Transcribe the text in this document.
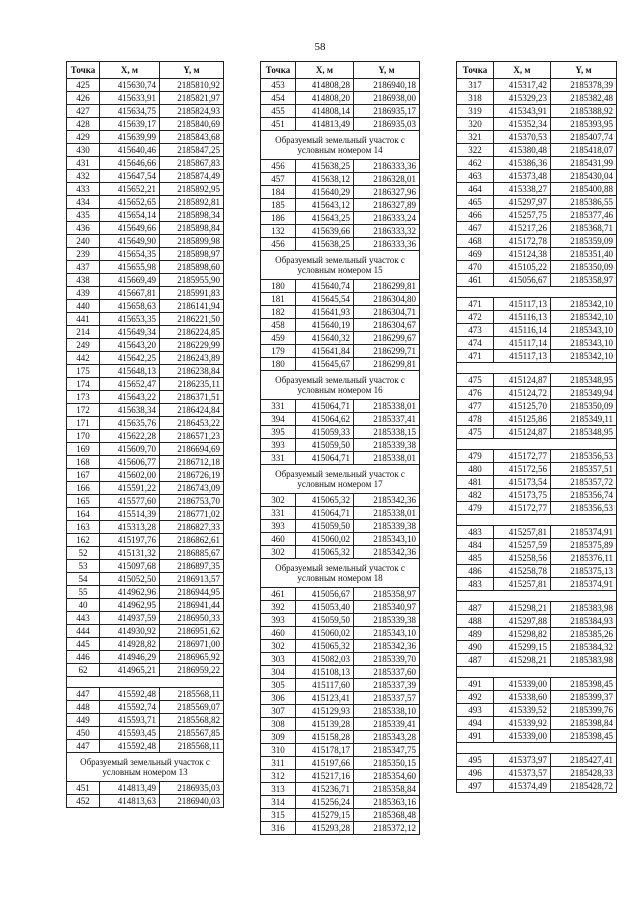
58
Точка	X, м	Y, м
425	415630,74	2185810,92
426	415633,91	2185821,97
427	415634,75	2185824,93
428	415639,17	2185840,69
429	415639,99	2185843,68
430	415640,46	2185847,25
431	415646,66	2185867,83
432	415647,54	2185874,49
433	415652,21	2185892,95
434	415652,65	2185892,81
435	415654,14	2185898,34
436	415649,66	2185898,84
240	415649,90	2185899,98
239	415654,35	2185898,97
437	415655,98	2185898,60
438	415669,49	2185955,90
439	415667,81	2185991,83
440	415658,63	2186141,94
441	415653,35	2186221,50
214	415649,34	2186224,85
249	415643,20	2186229,99
442	415642,25	2186243,89
175	415648,13	2186238,84
174	415652,47	2186235,11
173	415643,22	2186371,51
172	415638,34	2186424,84
171	415635,76	2186453,22
170	415622,28	2186571,23
169	415609,70	2186694,69
168	415606,77	2186712,18
167	415602,00	2186726,19
166	415591,22	2186743,09
165	415577,60	2186753,70
164	415514,39	2186771,02
163	415313,28	2186827,33
162	415197,76	2186862,61
52	415131,32	2186885,67
53	415097,68	2186897,35
54	415052,50	2186913,57
55	414962,96	2186944,95
40	414962,95	2186941,44
443	414937,59	2186950,33
444	414930,92	2186951,62
445	414928,82	2186971,00
446	414946,29	2186965,92
62	414965,21	2186959,22

447	415592,48	2185568,11
448	415592,74	2185569,07
449	415593,71	2185568,82
450	415593,45	2185567,85
447	415592,48	2185568,11
Образуемый земельный участок с условным номером 13		
451	414813,49	2186935,03
452	414813,63	2186940,03
Точка	X, м	Y, м
453	414808,28	2186940,18
454	414808,20	2186938,00
455	414808,14	2186935,17
451	414813,49	2186935,03
Образуемый земельный участок с условным номером 14		
456	415638,25	2186333,36
457	415638,12	2186328,01
184	415640,29	2186327,96
185	415643,12	2186327,89
186	415643,25	2186333,24
132	415639,66	2186333,32
456	415638,25	2186333,36
Образуемый земельный участок с условным номером 15		
180	415640,74	2186299,81
181	415645,54	2186304,80
182	415641,93	2186304,71
458	415640,19	2186304,67
459	415640,32	2186299,67
179	415641,84	2186299,71
180	415645,67	2186299,81
Образуемый земельный участок с условным номером 16		
331	415064,71	2185338,01
394	415064,62	2185337,41
395	415059,33	2185338,15
393	415059,50	2185339,38
331	415064,71	2185338,01
Образуемый земельный участок с условным номером 17		
302	415065,32	2185342,36
331	415064,71	2185338,01
393	415059,50	2185339,38
460	415060,02	2185343,10
302	415065,32	2185342,36
Образуемый земельный участок с условным номером 18		
461	415056,67	2185358,97
392	415053,40	2185340,97
393	415059,50	2185339,38
460	415060,02	2185343,10
302	415065,32	2185342,36
303	415082,03	2185339,70
304	415108,13	2185337,60
305	415117,60	2185337,39
306	415123,41	2185337,57
307	415129,93	2185338,10
308	415139,28	2185339,41
309	415158,28	2185343,28
310	415178,17	2185347,75
311	415197,66	2185350,15
312	415217,16	2185354,60
313	415236,71	2185358,84
314	415256,24	2185363,16
315	415279,15	2185368,48
316	415293,28	2185372,12
Точка	X, м	Y, м
317	415317,42	2185378,39
318	415329,23	2185382,48
319	415343,91	2185388,92
320	415352,34	2185393,95
321	415370,53	2185407,74
322	415380,48	2185418,07
462	415386,36	2185431,99
463	415373,48	2185430,04
464	415338,27	2185400,88
465	415297,97	2185386,55
466	415257,75	2185377,46
467	415217,26	2185368,71
468	415172,78	2185359,09
469	415124,38	2185351,40
470	415105,22	2185350,09
461	415056,67	2185358,97

471	415117,13	2185342,10
472	415116,13	2185342,10
473	415116,14	2185343,10
474	415117,14	2185343,10
471	415117,13	2185342,10

475	415124,87	2185348,95
476	415124,72	2185349,94
477	415125,70	2185350,09
478	415125,86	2185349,11
475	415124,87	2185348,95

479	415172,77	2185356,53
480	415172,56	2185357,51
481	415173,54	2185357,72
482	415173,75	2185356,74
479	415172,77	2185356,53

483	415257,81	2185374,91
484	415257,59	2185375,89
485	415258,56	2185376,11
486	415258,78	2185375,13
483	415257,81	2185374,91

487	415298,21	2185383,98
488	415297,88	2185384,93
489	415298,82	2185385,26
490	415299,15	2185384,32
487	415298,21	2185383,98

491	415339,00	2185398,45
492	415338,60	2185399,37
493	415339,52	2185399,76
494	415339,92	2185398,84
491	415339,00	2185398,45

495	415373,97	2185427,41
496	415373,57	2185428,33
497	415374,49	2185428,72
